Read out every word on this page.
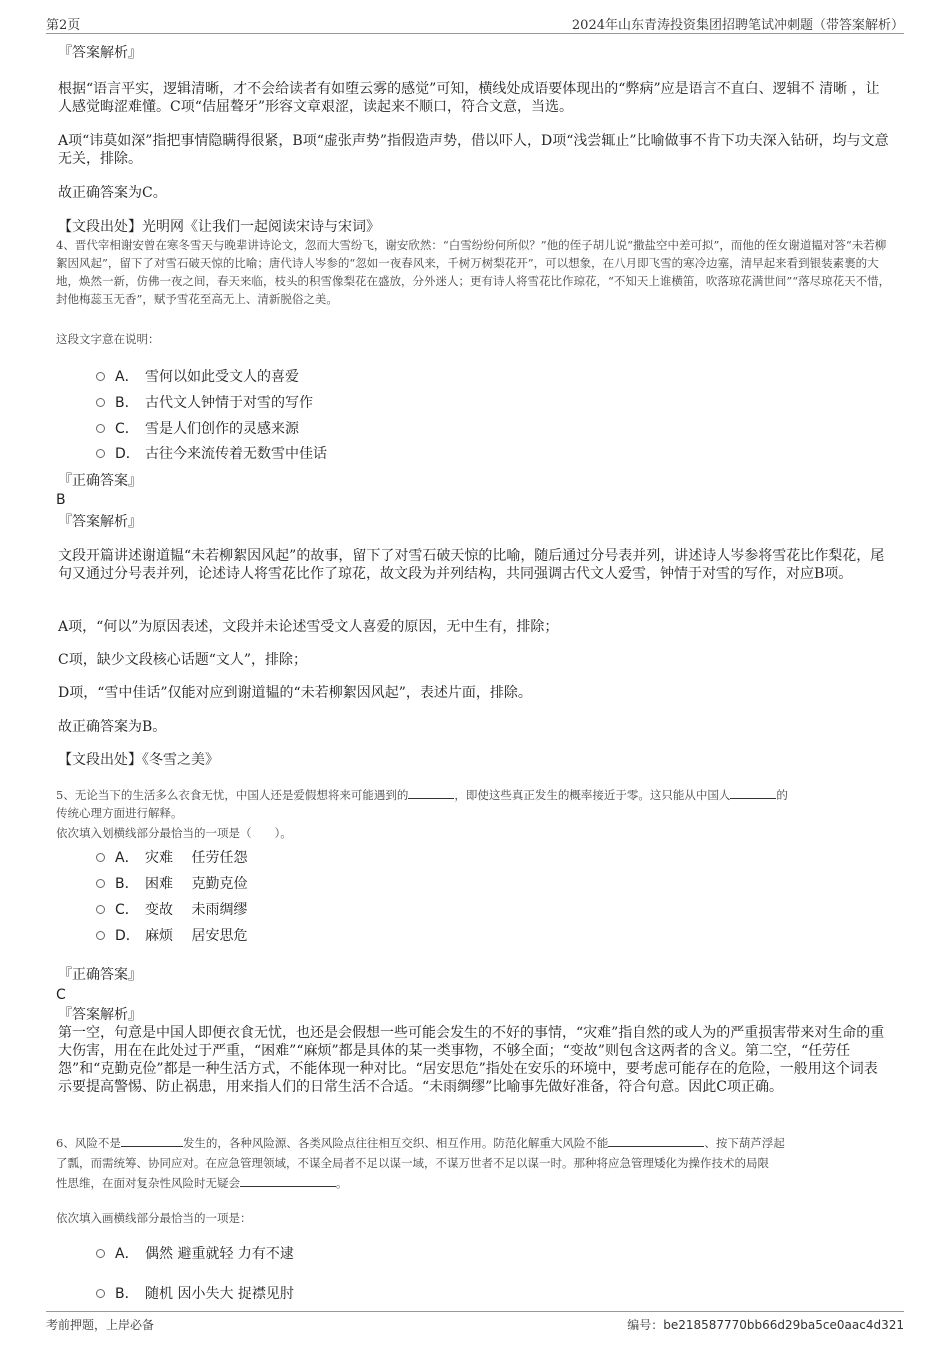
第2页	2024年山东青涛投资集团招聘笔试冲刺题（带答案解析）
『答案解析』
根据“语言平实，逻辑清晰，才不会给读者有如堕云雾的感觉”可知，横线处成语要体现出的“弊病”应是语言不直白、逻辑不 清晰 ，让人感觉晦涩难懂。C项“佶屈聱牙”形容文章艰涩，读起来不顺口，符合文意，当选。
A项“讳莫如深”指把事情隐瞒得很紧，B项“虚张声势”指假造声势，借以吓人，D项“浅尝辄止”比喻做事不肯下功夫深入钻研，均与文意无关，排除。
故正确答案为C。
【文段出处】光明网《让我们一起阅读宋诗与宋词》
4、晋代宰相谢安曾在寒冬雪天与晚辈讲诗论文，忽而大雪纷飞，谢安欣然：“白雪纷纷何所似？”他的侄子胡儿说“撒盐空中差可拟”，而他的侄女谢道韫对答“未若柳絮因风起”，留下了对雪石破天惊的比喻；唐代诗人岑参的“忽如一夜春风来，千树万树梨花开”，可以想象，在八月即飞雪的寒冷边塞，清早起来看到银装素裹的大地，焕然一新，仿佛一夜之间，春天来临，枝头的积雪像梨花在盛放，分外迷人；更有诗人将雪花比作琼花，“不知天上谁横笛，吹落琼花满世间”“落尽琼花天不惜，封他梅蕊玉无香”，赋予雪花至高无上、清新脱俗之美。
这段文字意在说明：
A． 雪何以如此受文人的喜爱
B． 古代文人钟情于对雪的写作
C． 雪是人们创作的灵感来源
D． 古往今来流传着无数雪中佳话
『正确答案』
B
『答案解析』
文段开篇讲述谢道韫“未若柳絮因风起”的故事，留下了对雪石破天惊的比喻，随后通过分号表并列，讲述诗人岑参将雪花比作梨花，尾句又通过分号表并列，论述诗人将雪花比作了琼花，故文段为并列结构，共同强调古代文人爱雪，钟情于对雪的写作，对应B项。
A项，“何以”为原因表述，文段并未论述雪受文人喜爱的原因，无中生有，排除；
C项，缺少文段核心话题“文人”，排除；
D项，“雪中佳话”仅能对应到谢道韫的“未若柳絮因风起”，表述片面，排除。
故正确答案为B。
【文段出处】《冬雪之美》
5、无论当下的生活多么衣食无忧，中国人还是爱假想将来可能遇到的	，即使这些真正发生的概率接近于零。这只能从中国人	的
传统心理方面进行解释。
依次填入划横线部分最恰当的一项是（　　）。
A． 灾难　 任劳任怨
B． 困难　 克勤克俭
C． 变故　 未雨绸缪
D． 麻烦　 居安思危
『正确答案』
C
『答案解析』
第一空，句意是中国人即便衣食无忧，也还是会假想一些可能会发生的不好的事情，“灾难”指自然的或人为的严重损害带来对生命的重大伤害，用在在此处过于严重，“困难”“麻烦”都是具体的某一类事物，不够全面；“变故”则包含这两者的含义。第二空，“任劳任怨”和“克勤克俭”都是一种生活方式，不能体现一种对比。“居安思危”指处在安乐的环境中，要考虑可能存在的危险，一般用这个词表示要提高警惕、防止祸患，用来指人们的日常生活不合适。“未雨绸缪”比喻事先做好准备，符合句意。因此C项正确。
6、风险不是	发生的，各种风险源、各类风险点往往相互交织、相互作用。防范化解重大风险不能	、按下葫芦浮起
了瓢，而需统筹、协同应对。在应急管理领域，不谋全局者不足以谋一域，不谋万世者不足以谋一时。那种将应急管理矮化为操作技术的局限
性思维，在面对复杂性风险时无疑会	。
依次填入画横线部分最恰当的一项是：
A． 偶然 避重就轻 力有不逮
B． 随机 因小失大 捉襟见肘
考前押题，上岸必备	编号：be218587770bb66d29ba5ce0aac4d321
